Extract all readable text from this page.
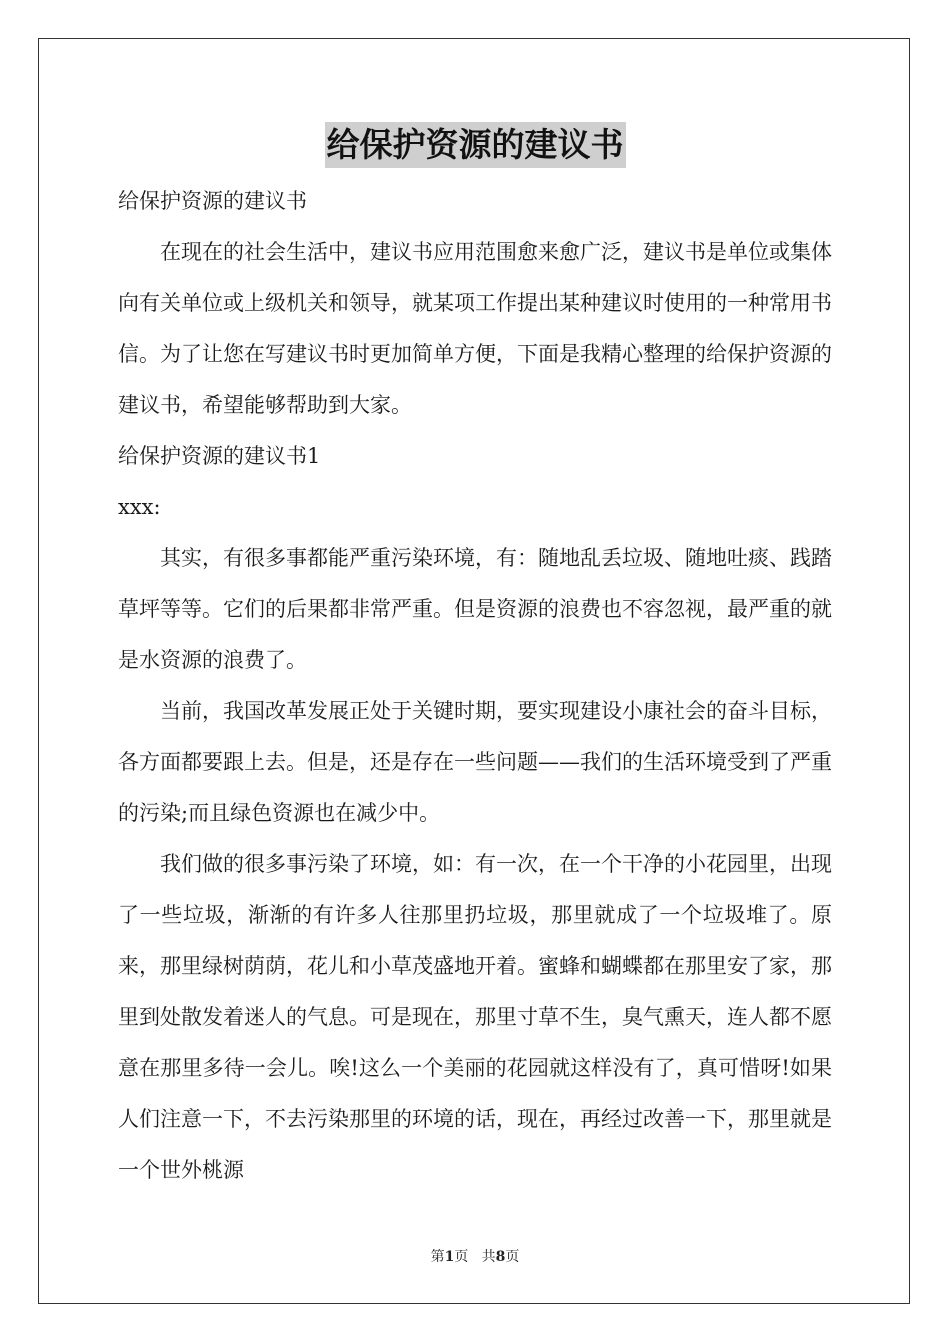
给保护资源的建议书

给保护资源的建议书

在现在的社会生活中，建议书应用范围愈来愈广泛，建议书是单位或集体向有关单位或上级机关和领导，就某项工作提出某种建议时使用的一种常用书信。为了让您在写建议书时更加简单方便，下面是我精心整理的给保护资源的建议书，希望能够帮助到大家。

给保护资源的建议书1

xxx:

其实，有很多事都能严重污染环境，有：随地乱丢垃圾、随地吐痰、践踏草坪等等。它们的后果都非常严重。但是资源的浪费也不容忽视，最严重的就是水资源的浪费了。

当前，我国改革发展正处于关键时期，要实现建设小康社会的奋斗目标，各方面都要跟上去。但是，还是存在一些问题——我们的生活环境受到了严重的污染;而且绿色资源也在减少中。

我们做的很多事污染了环境，如：有一次，在一个干净的小花园里，出现了一些垃圾，渐渐的有许多人往那里扔垃圾，那里就成了一个垃圾堆了。原来，那里绿树荫荫，花儿和小草茂盛地开着。蜜蜂和蝴蝶都在那里安了家，那里到处散发着迷人的气息。可是现在，那里寸草不生，臭气熏天，连人都不愿意在那里多待一会儿。唉!这么一个美丽的花园就这样没有了，真可惜呀!如果人们注意一下，不去污染那里的环境的话，现在，再经过改善一下，那里就是一个世外桃源

第1页 共8页
